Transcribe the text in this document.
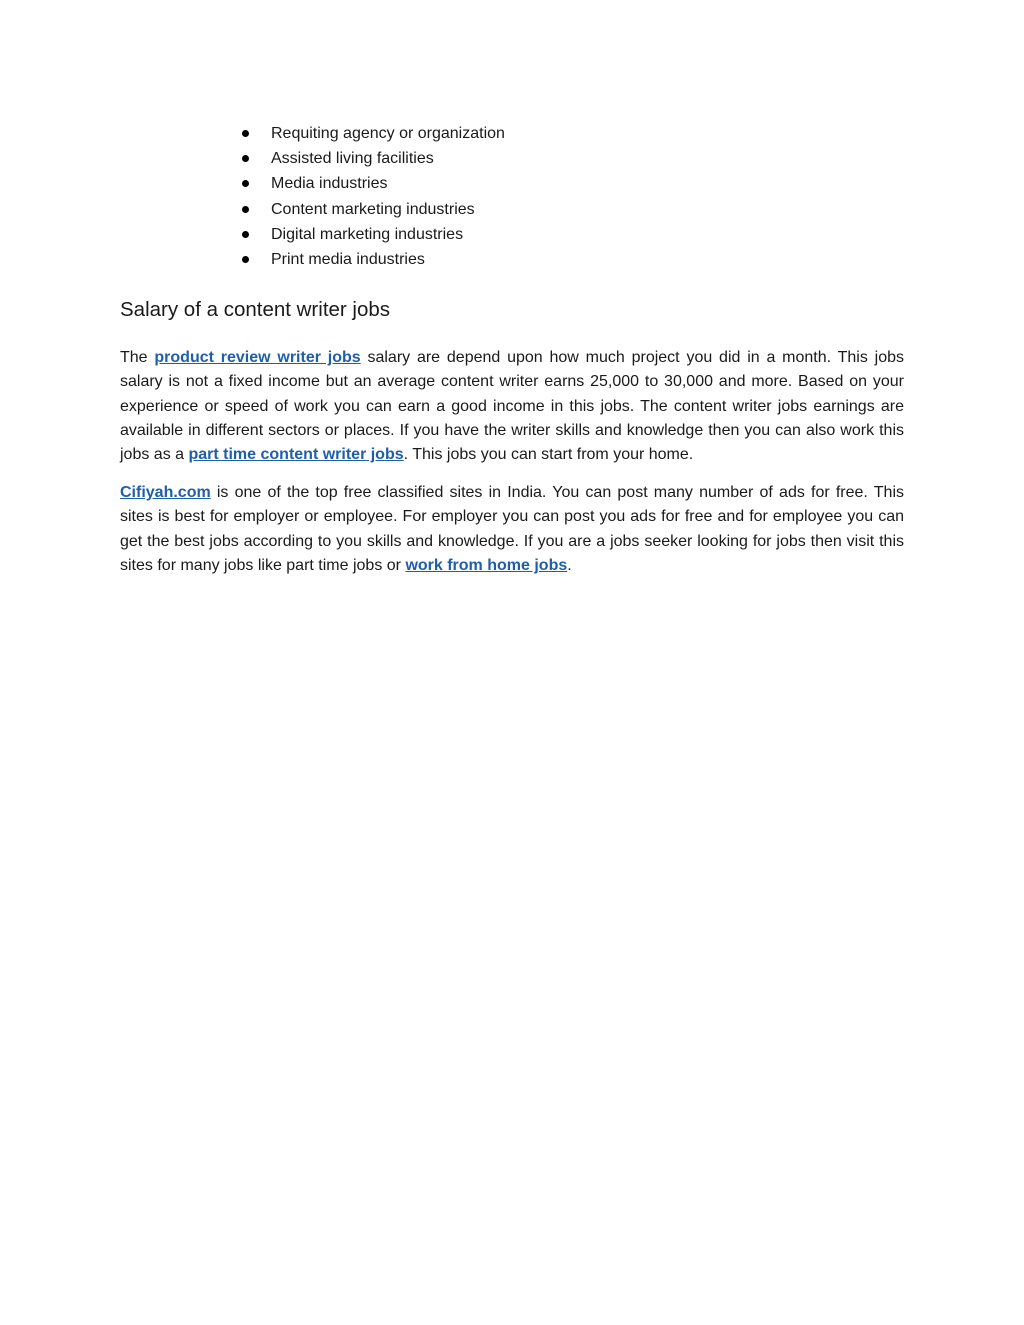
Requiting agency or organization
Assisted living facilities
Media industries
Content marketing industries
Digital marketing industries
Print media industries
Salary of a content writer jobs

The product review writer jobs salary are depend upon how much project you did in a month. This jobs salary is not a fixed income but an average content writer earns 25,000 to 30,000 and more. Based on your experience or speed of work you can earn a good income in this jobs. The content writer jobs earnings are available in different sectors or places. If you have the writer skills and knowledge then you can also work this jobs as a part time content writer jobs. This jobs you can start from your home.

Cifiyah.com is one of the top free classified sites in India. You can post many number of ads for free. This sites is best for employer or employee. For employer you can post you ads for free and for employee you can get the best jobs according to you skills and knowledge. If you are a jobs seeker looking for jobs then visit this sites for many jobs like part time jobs or work from home jobs.
